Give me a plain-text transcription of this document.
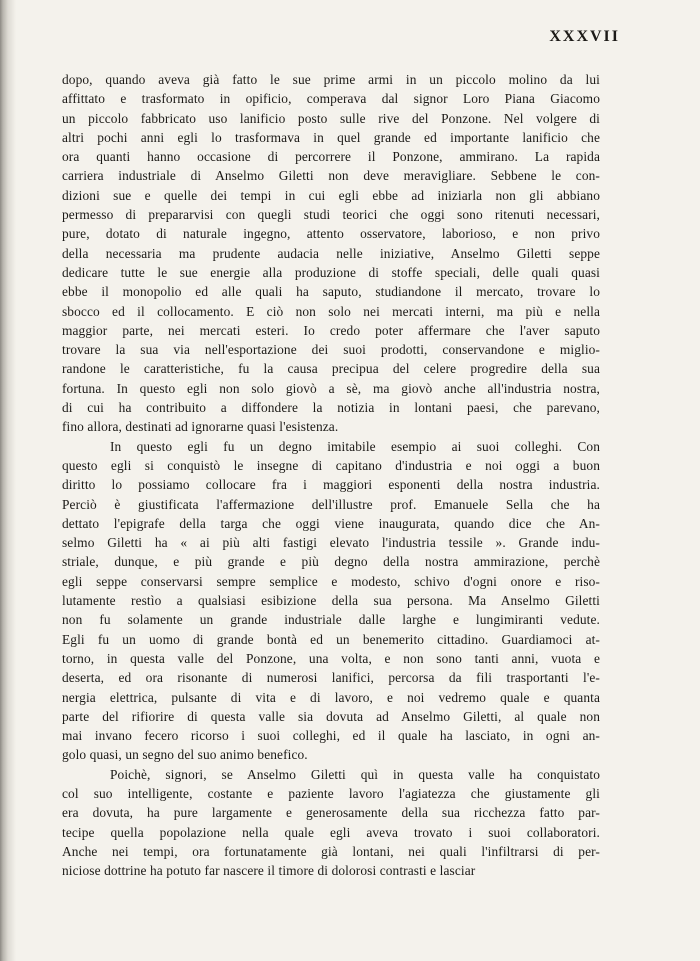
XXXVII
dopo, quando aveva già fatto le sue prime armi in un piccolo molino da lui
affittato e trasformato in opificio, comperava dal signor Loro Piana Giacomo
un piccolo fabbricato uso lanificio posto sulle rive del Ponzone. Nel volgere di
altri pochi anni egli lo trasformava in quel grande ed importante lanificio che
ora quanti hanno occasione di percorrere il Ponzone, ammirano. La rapida
carriera industriale di Anselmo Giletti non deve meravigliare. Sebbene le con-
dizioni sue e quelle dei tempi in cui egli ebbe ad iniziarla non gli abbiano
permesso di prepararvisi con quegli studi teorici che oggi sono ritenuti necessari,
pure, dotato di naturale ingegno, attento osservatore, laborioso, e non privo
della necessaria ma prudente audacia nelle iniziative, Anselmo Giletti seppe
dedicare tutte le sue energie alla produzione di stoffe speciali, delle quali quasi
ebbe il monopolio ed alle quali ha saputo, studiandone il mercato, trovare lo
sbocco ed il collocamento. E ciò non solo nei mercati interni, ma più e nella
maggior parte, nei mercati esteri. Io credo poter affermare che l'aver saputo
trovare la sua via nell'esportazione dei suoi prodotti, conservandone e miglio-
randone le caratteristiche, fu la causa precipua del celere progredire della sua
fortuna. In questo egli non solo giovò a sè, ma giovò anche all'industria nostra,
di cui ha contribuito a diffondere la notizia in lontani paesi, che parevano,
fino allora, destinati ad ignorarne quasi l'esistenza.
In questo egli fu un degno imitabile esempio ai suoi colleghi. Con
questo egli si conquistò le insegne di capitano d'industria e noi oggi a buon
diritto lo possiamo collocare fra i maggiori esponenti della nostra industria.
Perciò è giustificata l'affermazione dell'illustre prof. Emanuele Sella che ha
dettato l'epigrafe della targa che oggi viene inaugurata, quando dice che An-
selmo Giletti ha « ai più alti fastigi elevato l'industria tessile ». Grande indu-
striale, dunque, e più grande e più degno della nostra ammirazione, perchè
egli seppe conservarsi sempre semplice e modesto, schivo d'ogni onore e riso-
lutamente restìo a qualsiasi esibizione della sua persona. Ma Anselmo Giletti
non fu solamente un grande industriale dalle larghe e lungimiranti vedute.
Egli fu un uomo di grande bontà ed un benemerito cittadino. Guardiamoci at-
torno, in questa valle del Ponzone, una volta, e non sono tanti anni, vuota e
deserta, ed ora risonante di numerosi lanifici, percorsa da fili trasportanti l'e-
nergia elettrica, pulsante di vita e di lavoro, e noi vedremo quale e quanta
parte del rifiorire di questa valle sia dovuta ad Anselmo Giletti, al quale non
mai invano fecero ricorso i suoi colleghi, ed il quale ha lasciato, in ogni an-
golo quasi, un segno del suo animo benefico.
Poichè, signori, se Anselmo Giletti quì in questa valle ha conquistato
col suo intelligente, costante e paziente lavoro l'agiatezza che giustamente gli
era dovuta, ha pure largamente e generosamente della sua ricchezza fatto par-
tecipe quella popolazione nella quale egli aveva trovato i suoi collaboratori.
Anche nei tempi, ora fortunatamente già lontani, nei quali l'infiltrarsi di per-
niciose dottrine ha potuto far nascere il timore di dolorosi contrasti e lasciar
